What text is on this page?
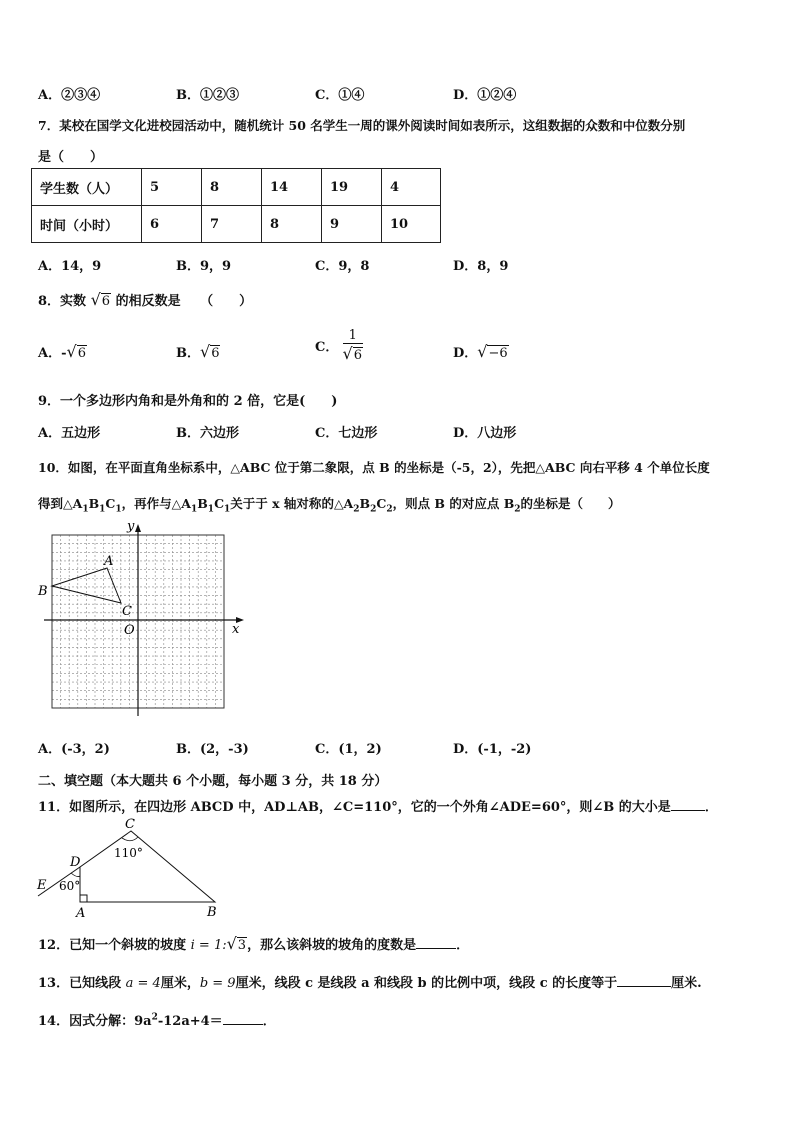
A．②③④	B．①②③	C．①④	D．①②④
7．某校在国学文化进校园活动中，随机统计 50 名学生一周的课外阅读时间如表所示，这组数据的众数和中位数分别
是（　　）
学生数（人）	5	8	14	19	4
时间（小时）	6	7	8	9	10
A．14，9	B．9，9	C．9，8	D．8，9
8．实数 √6 的相反数是　　（　　）
A．-√6	B．√6	C． $\frac{1}{√6}$	D．√−6
9．一个多边形内角和是外角和的 2 倍，它是(　　)
A．五边形	B．六边形	C．七边形	D．八边形
10．如图，在平面直角坐标系中，△ABC 位于第二象限，点 B 的坐标是（-5，2），先把△ABC 向右平移 4 个单位长度
得到$\triangle A_1B_1C_1$，再作与$\triangle A_1B_1C_1$关于于 x 轴对称的$\triangle A_2B_2C_2$，则点 B 的对应点 $B_2$的坐标是（　　）
x
y
O
A
B
C
A．(-3，2)	B．(2，-3)	C．(1，2)	D．(-1，-2)
二、填空题（本大题共 6 个小题，每小题 3 分，共 18 分）
11．如图所示，在四边形 ABCD 中，AD⊥AB，∠C=110°，它的一个外角∠ADE=60°，则∠B 的大小是	．
C
D
E
A	B
110°
60°
12．已知一个斜坡的坡度 i = 1:√3，那么该斜坡的坡角的度数是	．
13．已知线段 a = 4厘米，b = 9厘米，线段 c 是线段 a 和线段 b 的比例中项，线段 c 的长度等于	厘米.
14．因式分解：$9a^2-12a+4=$	．
